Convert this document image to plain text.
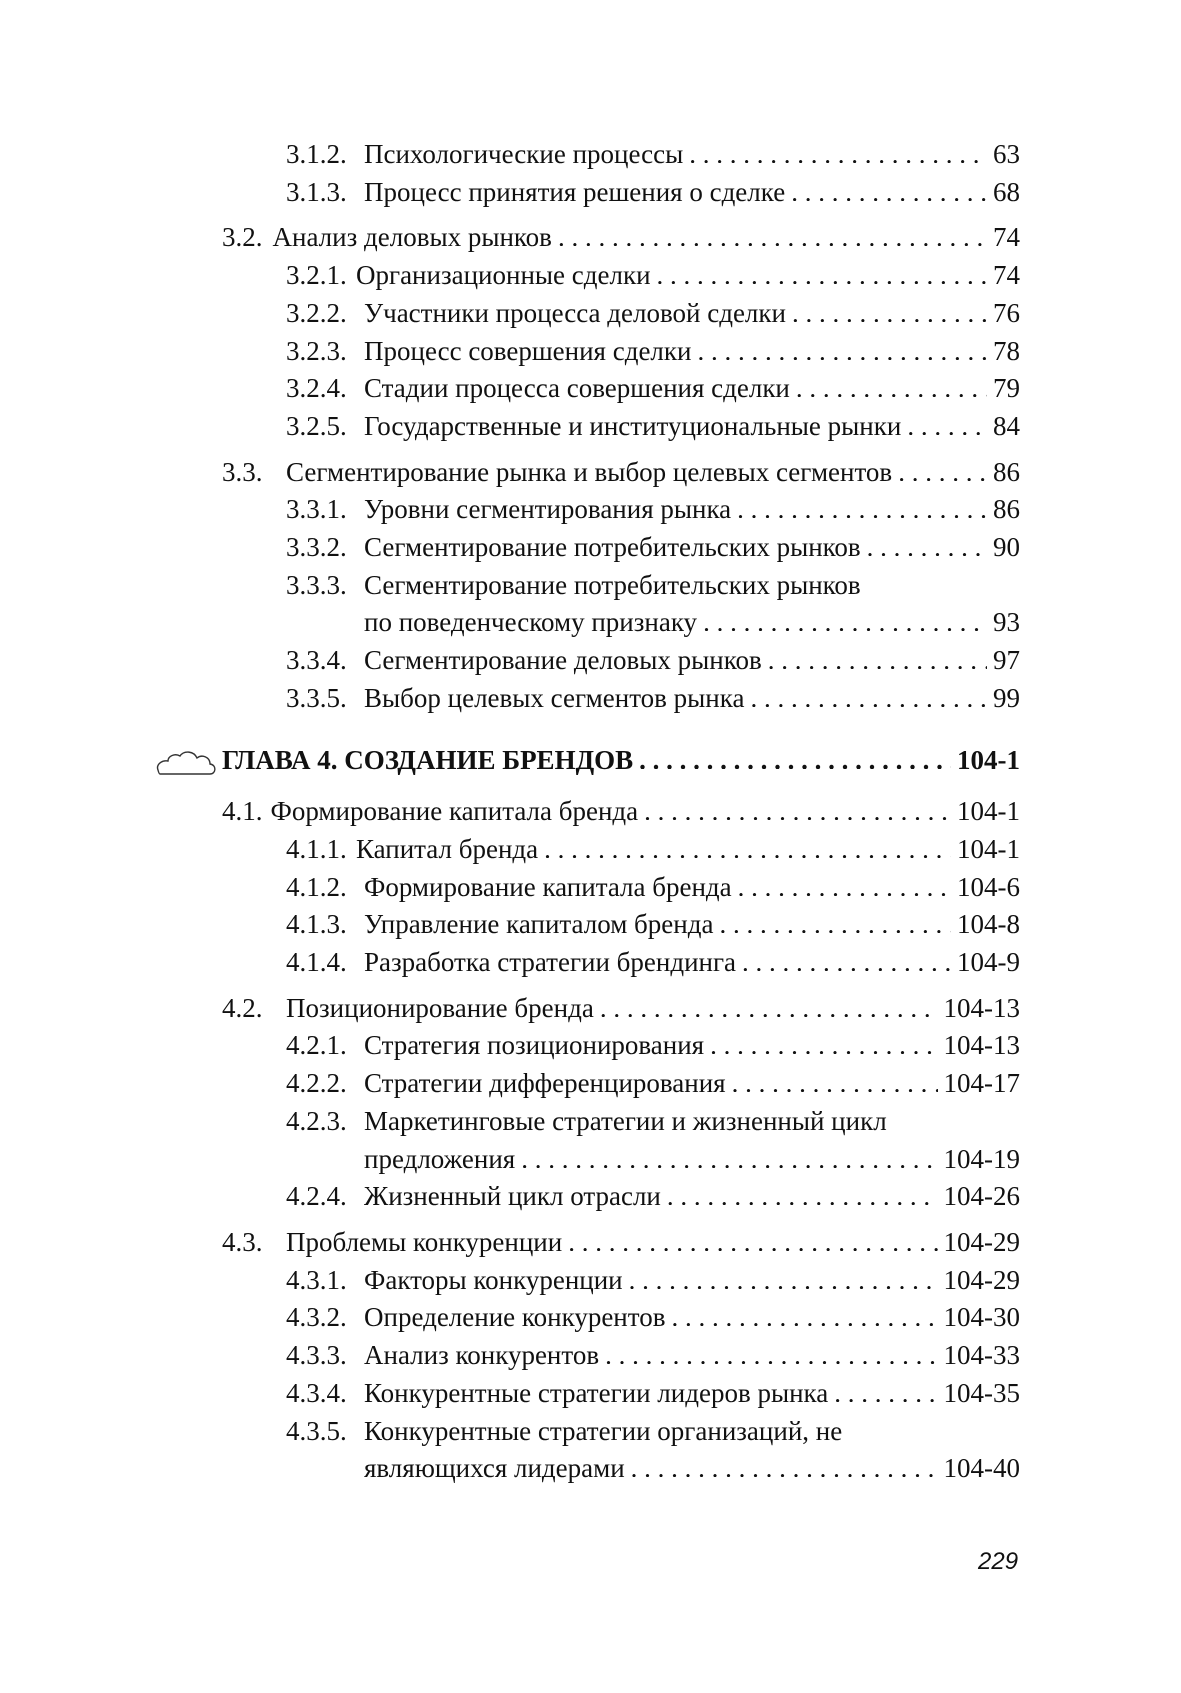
3.1.2. Психологические процессы . . .	63
3.1.3. Процесс принятия решения о сделке . . .	68
3.2. Анализ деловых рынков . . .	74
3.2.1. Организационные сделки . . .	74
3.2.2. Участники процесса деловой сделки . . .	76
3.2.3. Процесс совершения сделки . . .	78
3.2.4. Стадии процесса совершения сделки . . .	79
3.2.5. Государственные и институциональные рынки . . .	84
3.3. Сегментирование рынка и выбор целевых сегментов . . .	86
3.3.1. Уровни сегментирования рынка . . .	86
3.3.2. Сегментирование потребительских рынков . . .	90
3.3.3. Сегментирование потребительских рынков
по поведенческому признаку . . .	93
3.3.4. Сегментирование деловых рынков . . .	97
3.3.5. Выбор целевых сегментов рынка . . .	99
ГЛАВА 4. СОЗДАНИЕ БРЕНДОВ . . .	104-1
4.1. Формирование капитала бренда . . .	104-1
4.1.1. Капитал бренда . . .	104-1
4.1.2. Формирование капитала бренда . . .	104-6
4.1.3. Управление капиталом бренда . . .	104-8
4.1.4. Разработка стратегии брендинга . . .	104-9
4.2. Позиционирование бренда . . .	104-13
4.2.1. Стратегия позиционирования . . .	104-13
4.2.2. Стратегии дифференцирования . . .	104-17
4.2.3. Маркетинговые стратегии и жизненный цикл
предложения . . .	104-19
4.2.4. Жизненный цикл отрасли . . .	104-26
4.3. Проблемы конкуренции . . .	104-29
4.3.1. Факторы конкуренции . . .	104-29
4.3.2. Определение конкурентов . . .	104-30
4.3.3. Анализ конкурентов . . .	104-33
4.3.4. Конкурентные стратегии лидеров рынка . . .	104-35
4.3.5. Конкурентные стратегии организаций, не
являющихся лидерами . . .	104-40
229
